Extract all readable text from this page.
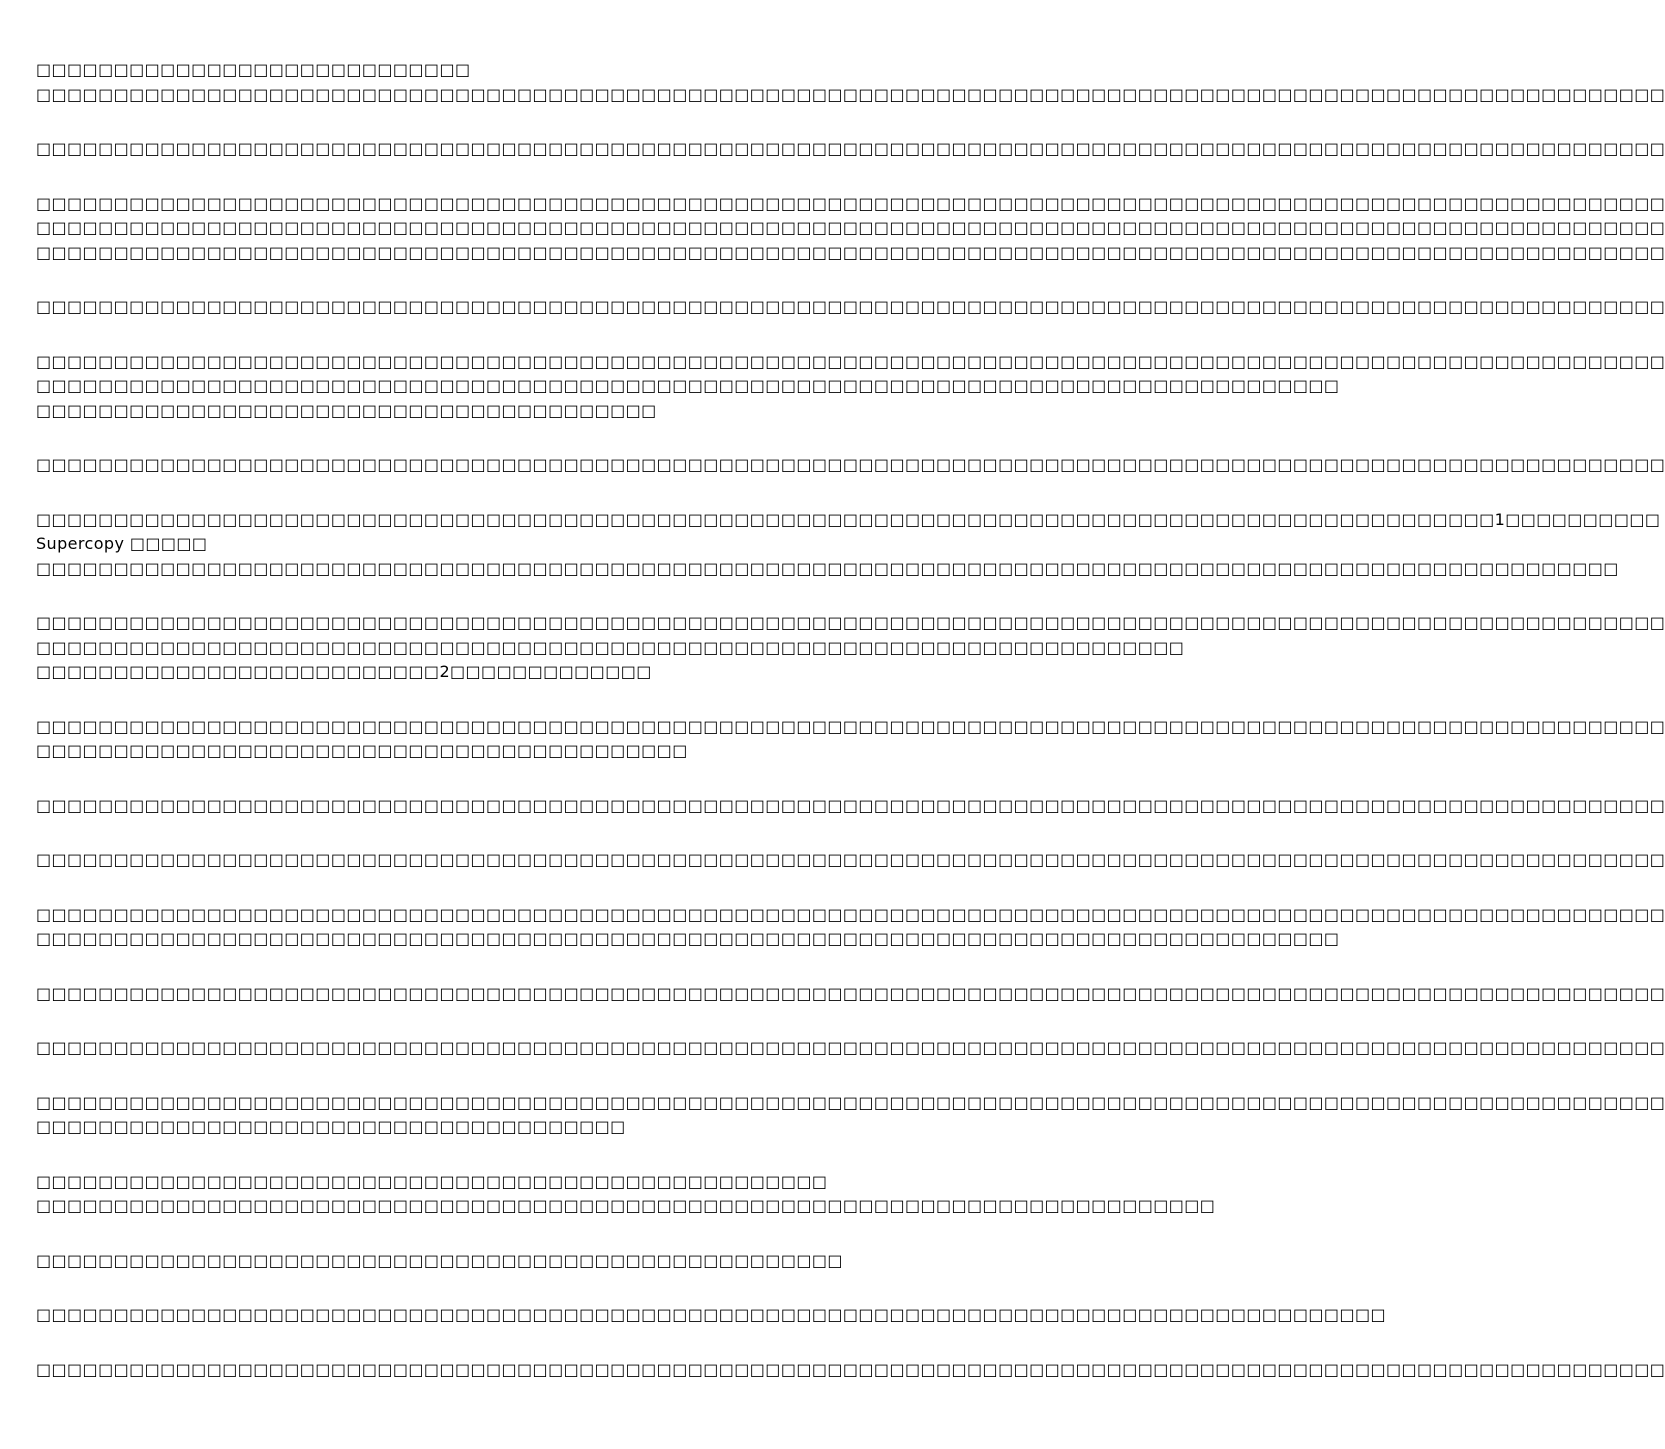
□□□□□□□□□□□□□□□□□□□□□□□□□□□□
□□□□□□□□□□□□□□□□□□□□□□□□□□□□□□□□□□□□□□□□□□□□□□□□□□□□□□□□□□□□□□□□□□□□□□□□□□□□□□□□□□□□□□□□□□□□□□□□□□□□□□□□□
□□□□□□□□□□□□□□□□□□□□□□□□□□□□□□□□□□□□□□□□□□□□□□□□□□□□□□□□□□□□□□□□□□□□□□□□□□□□□□□□□□□□□□□□□□□□□□□□□□□□□□□□□
□□□□□□□□□□□□□□□□□□□□□□□□□□□□□□□□□□□□□□□□□□□□□□□□□□□□□□□□□□□□□□□□□□□□□□□□□□□□□□□□□□□□□□□□□□□□□□□□□□□□□□□□□
□□□□□□□□□□□□□□□□□□□□□□□□□□□□□□□□□□□□□□□□□□□□□□□□□□□□□□□□□□□□□□□□□□□□□□□□□□□□□□□□□□□□□□□□□□□□□□□□□□□□□□□□□
□□□□□□□□□□□□□□□□□□□□□□□□□□□□□□□□□□□□□□□□□□□□□□□□□□□□□□□□□□□□□□□□□□□□□□□□□□□□□□□□□□□□□□□□□□□□□□□□□□□□□□□□□
□□□□□□□□□□□□□□□□□□□□□□□□□□□□□□□□□□□□□□□□□□□□□□□□□□□□□□□□□□□□□□□□□□□□□□□□□□□□□□□□□□□□□□□□□□□□□□□□□□□□□□□□□
□□□□□□□□□□□□□□□□□□□□□□□□□□□□□□□□□□□□□□□□□□□□□□□□□□□□□□□□□□□□□□□□□□□□□□□□□□□□□□□□□□□□□□□□□□□□□□□□□□□□□□□□□
□□□□□□□□□□□□□□□□□□□□□□□□□□□□□□□□□□□□□□□□□□□□□□□□□□□□□□□□□□□□□□□□□□□□□□□□□□□□□□□□□□□□
□□□□□□□□□□□□□□□□□□□□□□□□□□□□□□□□□□□□□□□□
□□□□□□□□□□□□□□□□□□□□□□□□□□□□□□□□□□□□□□□□□□□□□□□□□□□□□□□□□□□□□□□□□□□□□□□□□□□□□□□□□□□□□□□□□□□□□□□□□□□□□□□□□
□□□□□□□□□□□□□□□□□□□□□□□□□□□□□□□□□□□□□□□□□□□□□□□□□□□□□□□□□□□□□□□□□□□□□□□□□□□□□□□□□□□□□□□□□□□□□□1□□□□□□□□□□
Supercopy □□□□□
□□□□□□□□□□□□□□□□□□□□□□□□□□□□□□□□□□□□□□□□□□□□□□□□□□□□□□□□□□□□□□□□□□□□□□□□□□□□□□□□□□□□□□□□□□□□□□□□□□□□□□
□□□□□□□□□□□□□□□□□□□□□□□□□□□□□□□□□□□□□□□□□□□□□□□□□□□□□□□□□□□□□□□□□□□□□□□□□□□□□□□□□□□□□□□□□□□□□□□□□□□□□□□□□
□□□□□□□□□□□□□□□□□□□□□□□□□□□□□□□□□□□□□□□□□□□□□□□□□□□□□□□□□□□□□□□□□□□□□□□□□□
□□□□□□□□□□□□□□□□□□□□□□□□□□2□□□□□□□□□□□□□
□□□□□□□□□□□□□□□□□□□□□□□□□□□□□□□□□□□□□□□□□□□□□□□□□□□□□□□□□□□□□□□□□□□□□□□□□□□□□□□□□□□□□□□□□□□□□□□□□□□□□□□□□
□□□□□□□□□□□□□□□□□□□□□□□□□□□□□□□□□□□□□□□□□□
□□□□□□□□□□□□□□□□□□□□□□□□□□□□□□□□□□□□□□□□□□□□□□□□□□□□□□□□□□□□□□□□□□□□□□□□□□□□□□□□□□□□□□□□□□□□□□□□□□□□□□□□□
□□□□□□□□□□□□□□□□□□□□□□□□□□□□□□□□□□□□□□□□□□□□□□□□□□□□□□□□□□□□□□□□□□□□□□□□□□□□□□□□□□□□□□□□□□□□□□□□□□□□□□□□□
□□□□□□□□□□□□□□□□□□□□□□□□□□□□□□□□□□□□□□□□□□□□□□□□□□□□□□□□□□□□□□□□□□□□□□□□□□□□□□□□□□□□□□□□□□□□□□□□□□□□□□□□□
□□□□□□□□□□□□□□□□□□□□□□□□□□□□□□□□□□□□□□□□□□□□□□□□□□□□□□□□□□□□□□□□□□□□□□□□□□□□□□□□□□□□
□□□□□□□□□□□□□□□□□□□□□□□□□□□□□□□□□□□□□□□□□□□□□□□□□□□□□□□□□□□□□□□□□□□□□□□□□□□□□□□□□□□□□□□□□□□□□□□□□□□□□□□□□
□□□□□□□□□□□□□□□□□□□□□□□□□□□□□□□□□□□□□□□□□□□□□□□□□□□□□□□□□□□□□□□□□□□□□□□□□□□□□□□□□□□□□□□□□□□□□□□□□□□□□□□□□
□□□□□□□□□□□□□□□□□□□□□□□□□□□□□□□□□□□□□□□□□□□□□□□□□□□□□□□□□□□□□□□□□□□□□□□□□□□□□□□□□□□□□□□□□□□□□□□□□□□□□□□□□
□□□□□□□□□□□□□□□□□□□□□□□□□□□□□□□□□□□□□□
□□□□□□□□□□□□□□□□□□□□□□□□□□□□□□□□□□□□□□□□□□□□□□□□□□□
□□□□□□□□□□□□□□□□□□□□□□□□□□□□□□□□□□□□□□□□□□□□□□□□□□□□□□□□□□□□□□□□□□□□□□□□□□□□
□□□□□□□□□□□□□□□□□□□□□□□□□□□□□□□□□□□□□□□□□□□□□□□□□□□□
□□□□□□□□□□□□□□□□□□□□□□□□□□□□□□□□□□□□□□□□□□□□□□□□□□□□□□□□□□□□□□□□□□□□□□□□□□□□□□□□□□□□□□□
□□□□□□□□□□□□□□□□□□□□□□□□□□□□□□□□□□□□□□□□□□□□□□□□□□□□□□□□□□□□□□□□□□□□□□□□□□□□□□□□□□□□□□□□□□□□□□□□□□□□□□□□□
